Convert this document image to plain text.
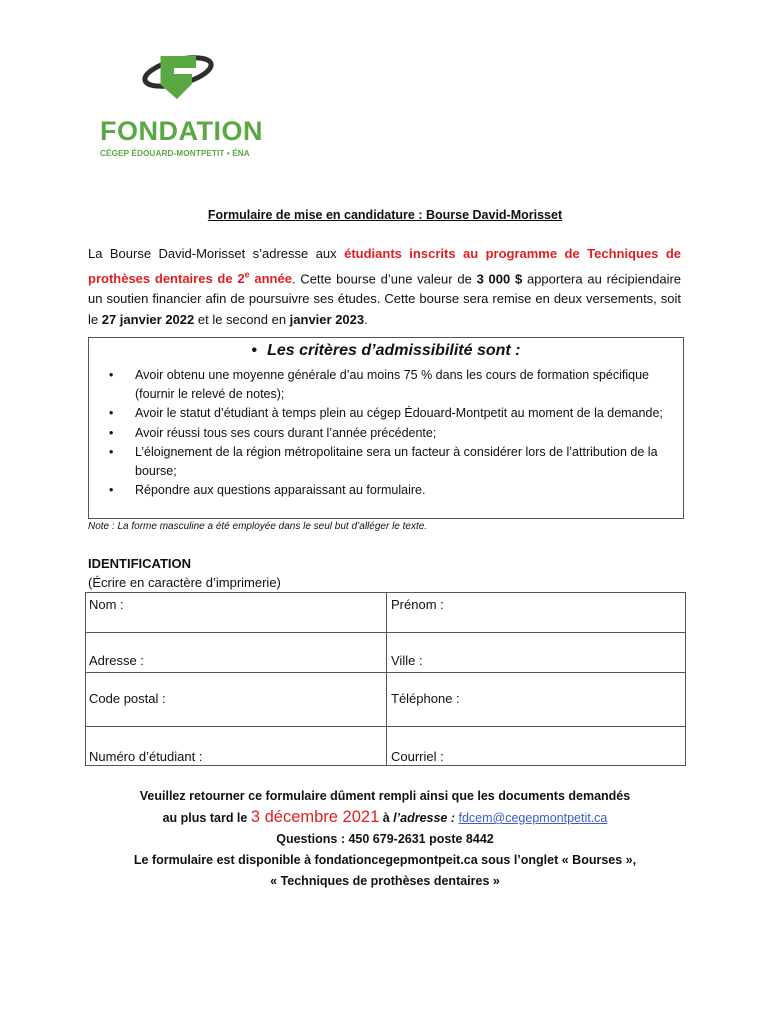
FONDATION
CÉGEP ÉDOUARD-MONTPETIT • ÉNA
Formulaire de mise en candidature : Bourse David-Morisset
La Bourse David-Morisset s’adresse aux étudiants inscrits au programme de Techniques de prothèses dentaires de 2e année. Cette bourse d’une valeur de 3 000 $ apportera au récipiendaire un soutien financier afin de poursuivre ses études. Cette bourse sera remise en deux versements, soit le 27 janvier 2022 et le second en janvier 2023.
• Les critères d’admissibilité sont :
• Avoir obtenu une moyenne générale d’au moins 75 % dans les cours de formation spécifique (fournir le relevé de notes);
• Avoir le statut d’étudiant à temps plein au cégep Édouard-Montpetit au moment de la demande;
• Avoir réussi tous ses cours durant l’année précédente;
• L’éloignement de la région métropolitaine sera un facteur à considérer lors de l’attribution de la bourse;
• Répondre aux questions apparaissant au formulaire.
Note : La forme masculine a été employée dans le seul but d’alléger le texte.
IDENTIFICATION
(Écrire en caractère d’imprimerie)
Nom :	Prénom :
Adresse :	Ville :
Code postal :	Téléphone :
Numéro d’étudiant :	Courriel :
Veuillez retourner ce formulaire dûment rempli ainsi que les documents demandés
au plus tard le 3 décembre 2021 à l’adresse : fdcem@cegepmontpetit.ca
Questions : 450 679-2631 poste 8442
Le formulaire est disponible à fondationcegepmontpeit.ca sous l’onglet « Bourses »,
« Techniques de prothèses dentaires »
